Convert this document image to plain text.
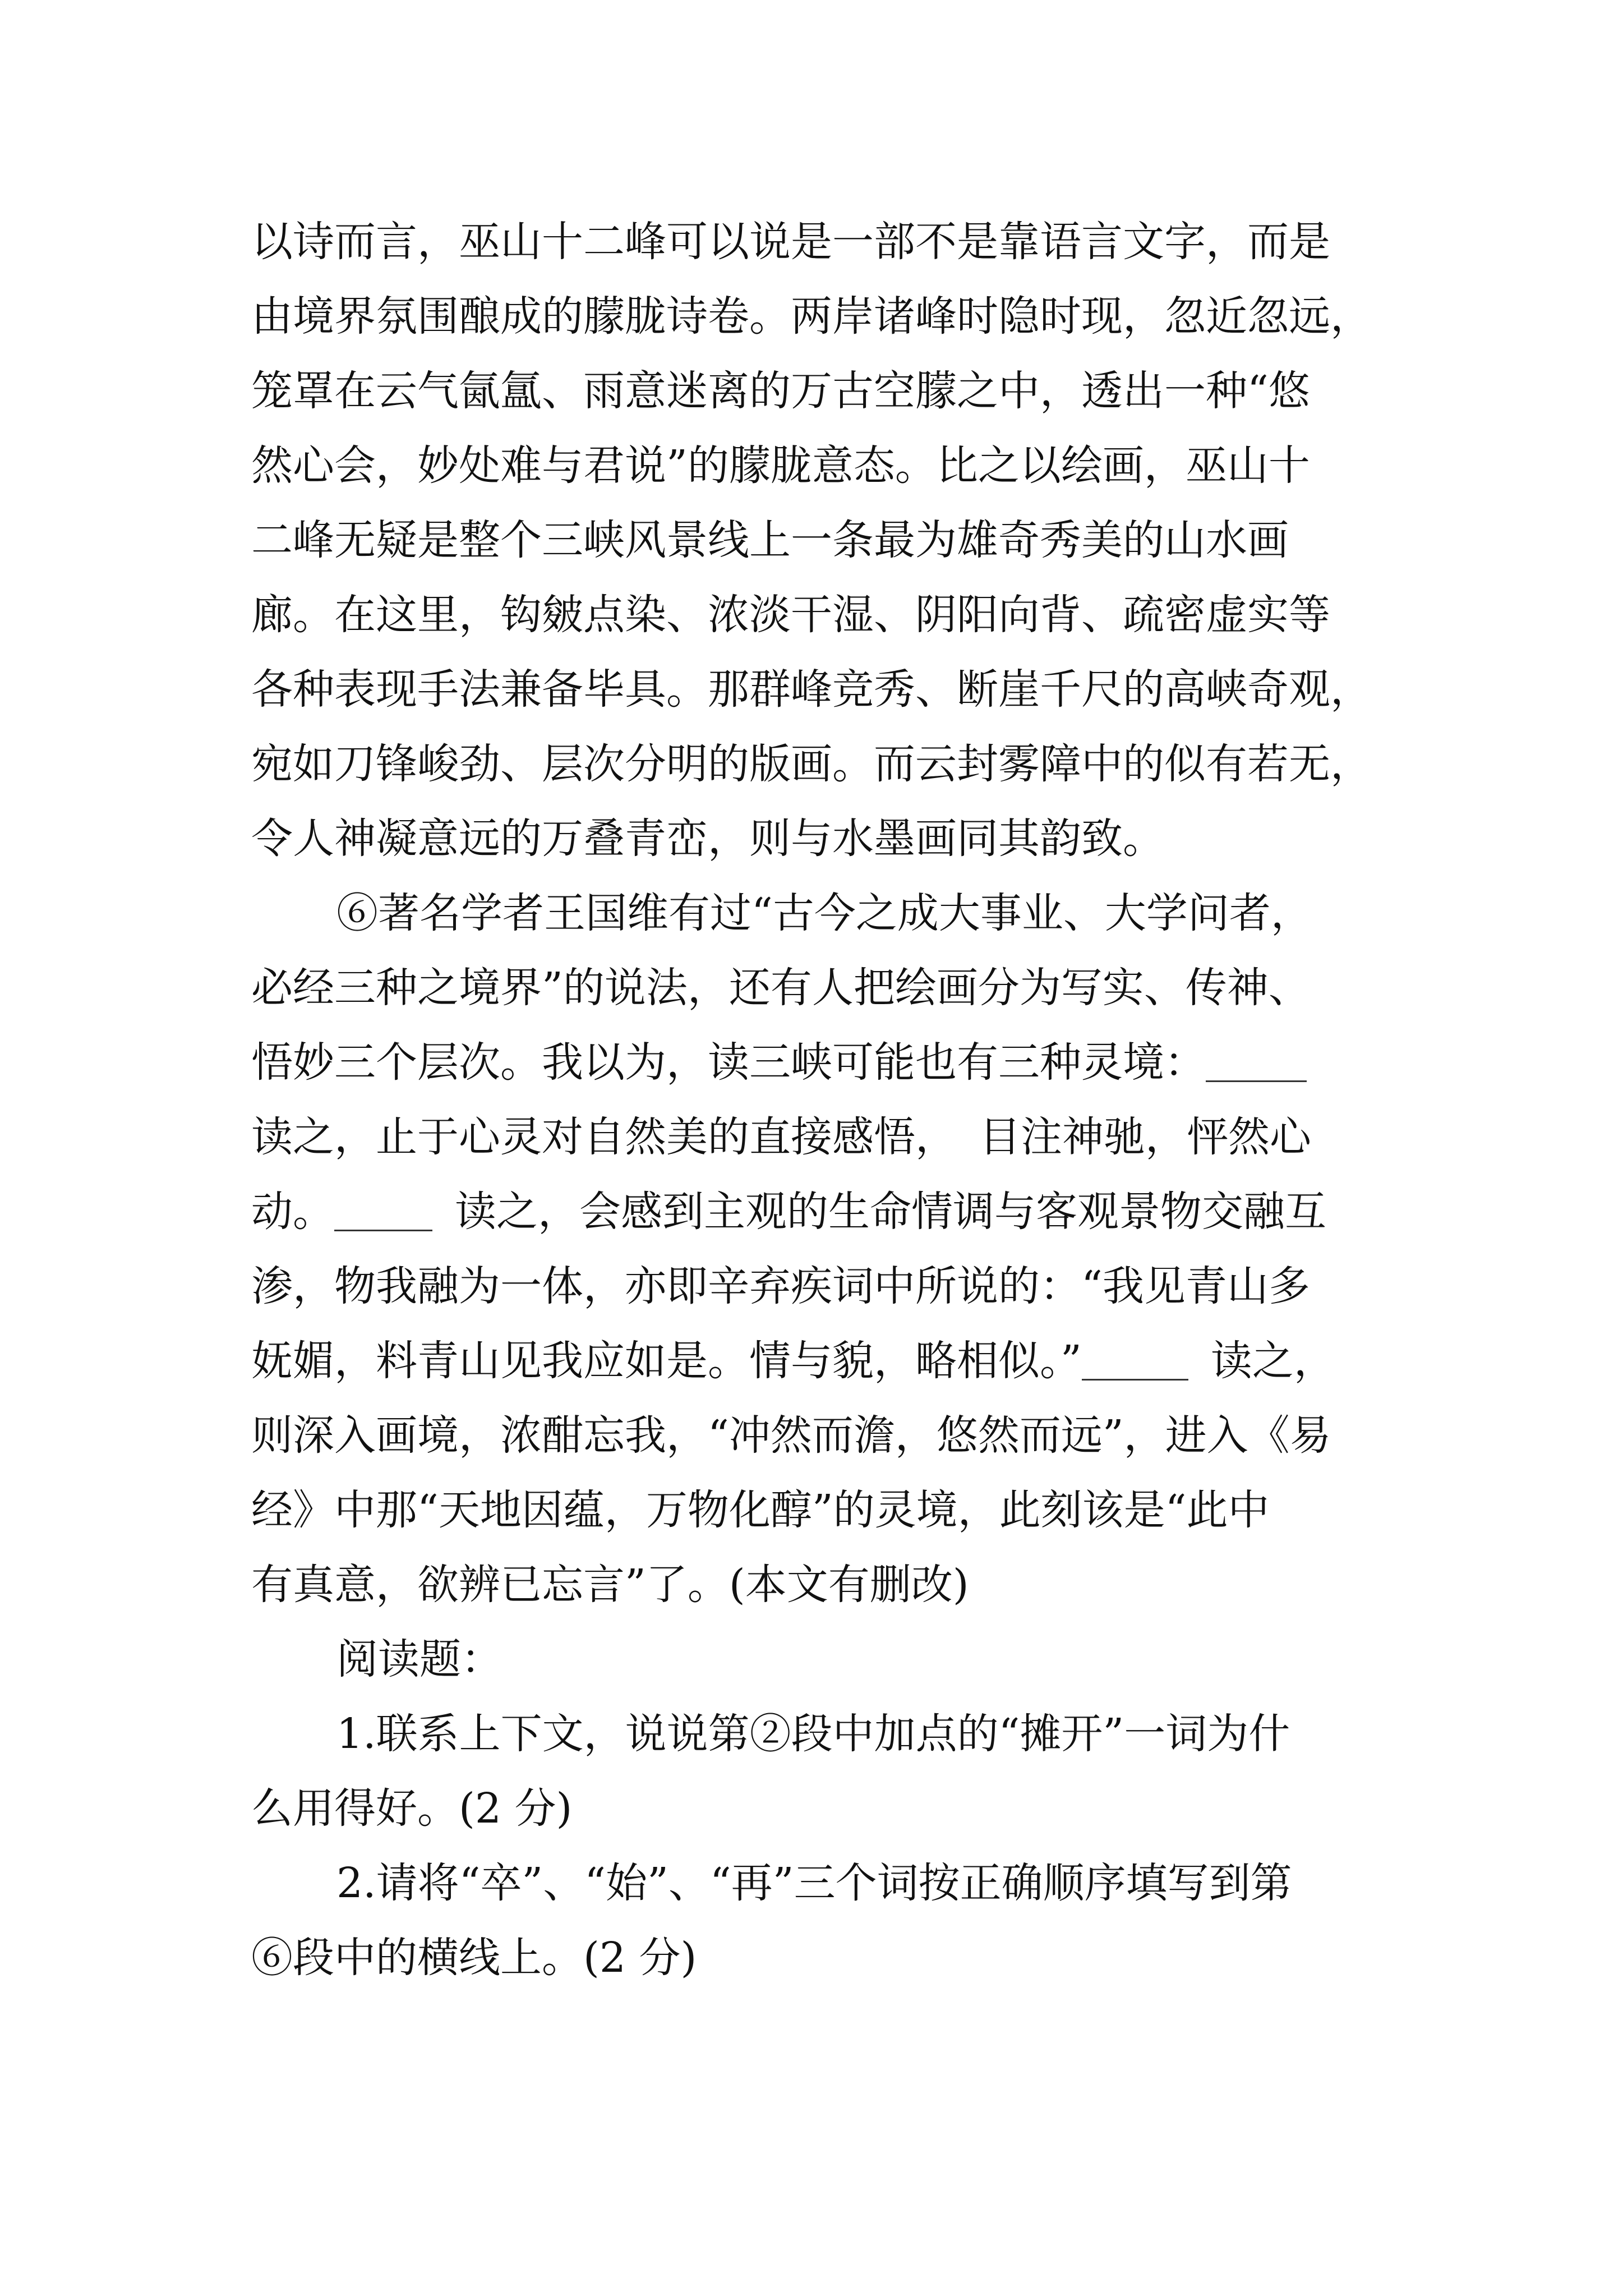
以诗而言，巫山十二峰可以说是一部不是靠语言文字，而是
由境界氛围酿成的朦胧诗卷。两岸诸峰时隐时现，忽近忽远，
笼罩在云气氤氲、雨意迷离的万古空朦之中，透出一种“悠
然心会，妙处难与君说”的朦胧意态。比之以绘画，巫山十
二峰无疑是整个三峡风景线上一条最为雄奇秀美的山水画
廊。在这里，钩皴点染、浓淡干湿、阴阳向背、疏密虚实等
各种表现手法兼备毕具。那群峰竞秀、断崖千尺的高峡奇观，
宛如刀锋峻劲、层次分明的版画。而云封雾障中的似有若无，
令人神凝意远的万叠青峦，则与水墨画同其韵致。
⑥著名学者王国维有过“古今之成大事业、大学问者，
必经三种之境界”的说法，还有人把绘画分为写实、传神、
悟妙三个层次。我以为，读三峡可能也有三种灵境：
读之，止于心灵对自然美的直接感悟， 目注神驰，怦然心
动。	读之，会感到主观的生命情调与客观景物交融互
渗，物我融为一体，亦即辛弃疾词中所说的：“我见青山多
妩媚，料青山见我应如是。情与貌，略相似。”	读之，
则深入画境，浓酣忘我，“冲然而澹，悠然而远”，进入《易
经》中那“天地因蕴，万物化醇”的灵境，此刻该是“此中
有真意，欲辨已忘言”了。(本文有删改)
阅读题：
1.联系上下文，说说第②段中加点的“摊开”一词为什
么用得好。(2 分)
2.请将“卒”、“始”、“再”三个词按正确顺序填写到第
⑥段中的横线上。(2 分)
